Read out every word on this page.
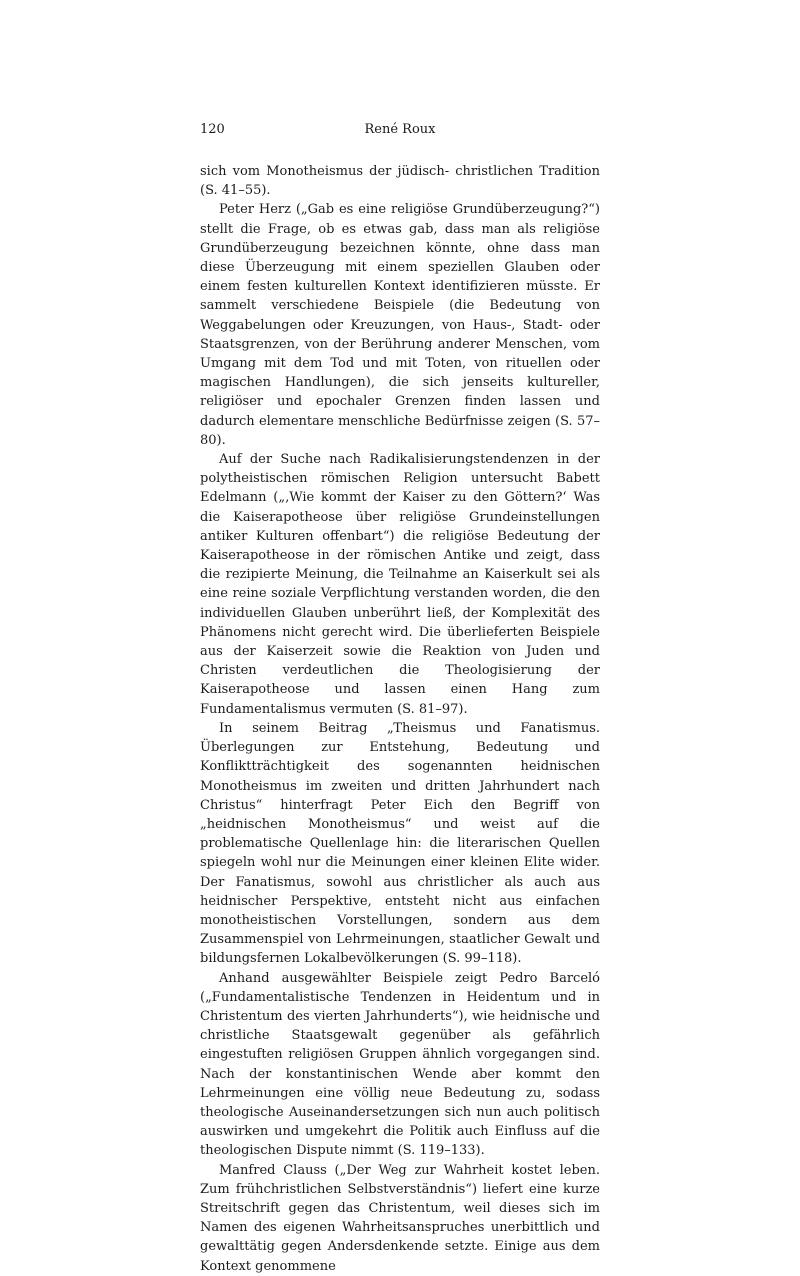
120	René Roux

sich vom Monotheismus der jüdisch- christlichen Tradition (S. 41–55).

Peter Herz („Gab es eine religiöse Grundüberzeugung?“) stellt die Frage, ob es etwas gab, dass man als religiöse Grundüberzeugung bezeichnen könnte, ohne dass man diese Überzeugung mit einem speziellen Glauben oder einem festen kulturellen Kontext identifizieren müsste. Er sammelt verschiedene Beispiele (die Bedeutung von Weggabelungen oder Kreuzungen, von Haus-, Stadt- oder Staatsgrenzen, von der Berührung anderer Menschen, vom Umgang mit dem Tod und mit Toten, von rituellen oder magischen Handlungen), die sich jenseits kultureller, religiöser und epochaler Grenzen finden lassen und dadurch elementare menschliche Bedürfnisse zeigen (S. 57–80).

Auf der Suche nach Radikalisierungstendenzen in der polytheistischen römischen Religion untersucht Babett Edelmann („‚Wie kommt der Kaiser zu den Göttern?‘ Was die Kaiserapotheose über religiöse Grundeinstellungen antiker Kulturen offenbart“) die religiöse Bedeutung der Kaiserapotheose in der römischen Antike und zeigt, dass die rezipierte Meinung, die Teilnahme an Kaiserkult sei als eine reine soziale Verpflichtung verstanden worden, die den individuellen Glauben unberührt ließ, der Komplexität des Phänomens nicht gerecht wird. Die überlieferten Beispiele aus der Kaiserzeit sowie die Reaktion von Juden und Christen verdeutlichen die Theologisierung der Kaiserapotheose und lassen einen Hang zum Fundamentalismus vermuten (S. 81–97).

In seinem Beitrag „Theismus und Fanatismus. Überlegungen zur Entstehung, Bedeutung und Konfliktträchtigkeit des sogenannten heidnischen Monotheismus im zweiten und dritten Jahrhundert nach Christus“ hinterfragt Peter Eich den Begriff von „heidnischen Monotheismus“ und weist auf die problematische Quellenlage hin: die literarischen Quellen spiegeln wohl nur die Meinungen einer kleinen Elite wider. Der Fanatismus, sowohl aus christlicher als auch aus heidnischer Perspektive, entsteht nicht aus einfachen monotheistischen Vorstellungen, sondern aus dem Zusammenspiel von Lehrmeinungen, staatlicher Gewalt und bildungsfernen Lokalbevölkerungen (S. 99–118).

Anhand ausgewählter Beispiele zeigt Pedro Barceló („Fundamentalistische Tendenzen in Heidentum und in Christentum des vierten Jahrhunderts“), wie heidnische und christliche Staatsgewalt gegenüber als gefährlich eingestuften religiösen Gruppen ähnlich vorgegangen sind. Nach der konstantinischen Wende aber kommt den Lehrmeinungen eine völlig neue Bedeutung zu, sodass theologische Auseinandersetzungen sich nun auch politisch auswirken und umgekehrt die Politik auch Einfluss auf die theologischen Dispute nimmt (S. 119–133).

Manfred Clauss („Der Weg zur Wahrheit kostet leben. Zum frühchristlichen Selbstverständnis“) liefert eine kurze Streitschrift gegen das Christentum, weil dieses sich im Namen des eigenen Wahrheitsanspruches unerbittlich und gewalttätig gegen Andersdenkende setzte. Einige aus dem Kontext genommene
